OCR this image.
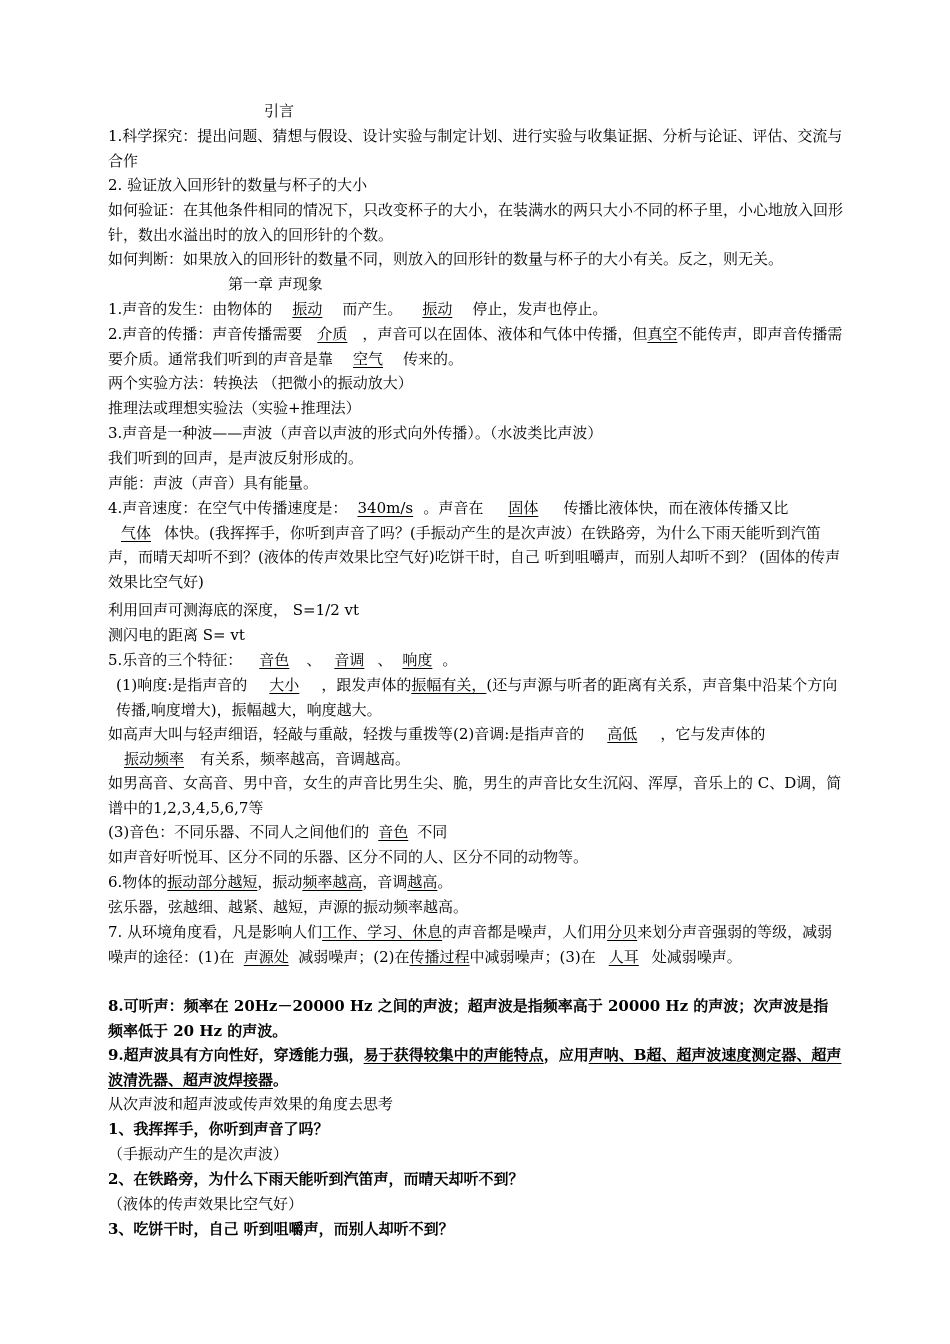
引言
1.科学探究：提出问题、猜想与假设、设计实验与制定计划、进行实验与收集证据、分析与论证、评估、交流与合作
2. 验证放入回形针的数量与杯子的大小
如何验证：在其他条件相同的情况下，只改变杯子的大小，在装满水的两只大小不同的杯子里，小心地放入回形针，数出水溢出时的放入的回形针的个数。
如何判断：如果放入的回形针的数量不同，则放入的回形针的数量与杯子的大小有关。反之，则无关。
第一章 声现象
1.声音的发生：由物体的 振动 而产生。 振动 停止，发声也停止。
2.声音的传播：声音传播需要 介质 ，声音可以在固体、液体和气体中传播，但真空不能传声，即声音传播需要介质。通常我们听到的声音是靠 空气 传来的。
两个实验方法：转换法 （把微小的振动放大）
推理法或理想实验法（实验+推理法）
3.声音是一种波——声波（声音以声波的形式向外传播）。（水波类比声波）
我们听到的回声，是声波反射形成的。
声能：声波（声音）具有能量。
4.声音速度：在空气中传播速度是： 340m/s 。声音在 固体 传播比液体快，而在液体传播又比气体 体快。(我挥挥手，你听到声音了吗？(手振动产生的是次声波）在铁路旁，为什么下雨天能听到汽笛声，而晴天却听不到？(液体的传声效果比空气好)吃饼干时，自己 听到咀嚼声，而别人却听不到？ (固体的传声效果比空气好)
利用回声可测海底的深度， S=1/2 vt
测闪电的距离 S= vt
5.乐音的三个特征： 音色 、 音调 、 响度 。
(1)响度:是指声音的 大小 ，跟发声体的振幅有关，(还与声源与听者的距离有关系，声音集中沿某个方向传播,响度增大)，振幅越大，响度越大。
如高声大叫与轻声细语，轻敲与重敲，轻拨与重拨等(2)音调:是指声音的 高低 ，它与发声体的振动频率 有关系，频率越高，音调越高。
如男高音、女高音、男中音，女生的声音比男生尖、脆，男生的声音比女生沉闷、浑厚，音乐上的 C、D调，简谱中的1,2,3,4,5,6,7等
(3)音色：不同乐器、不同人之间他们的 音色 不同
如声音好听悦耳、区分不同的乐器、区分不同的人、区分不同的动物等。
6.物体的振动部分越短，振动频率越高，音调越高。
弦乐器，弦越细、越紧、越短，声源的振动频率越高。
7. 从环境角度看，凡是影响人们工作、学习、休息的声音都是噪声，人们用分贝来划分声音强弱的等级，减弱噪声的途径：(1)在 声源处 减弱噪声；(2)在传播过程中减弱噪声；(3)在 人耳 处减弱噪声。
8.可听声：频率在 20Hz－20000 Hz 之间的声波；超声波是指频率高于 20000 Hz 的声波；次声波是指频率低于 20 Hz 的声波。
9.超声波具有方向性好，穿透能力强，易于获得较集中的声能特点，应用声呐、B超、超声波速度测定器、超声波清洗器、超声波焊接器。
从次声波和超声波或传声效果的角度去思考
1、我挥挥手，你听到声音了吗？
（手振动产生的是次声波）
2、在铁路旁，为什么下雨天能听到汽笛声，而晴天却听不到？
（液体的传声效果比空气好）
3、吃饼干时，自己 听到咀嚼声，而别人却听不到？
